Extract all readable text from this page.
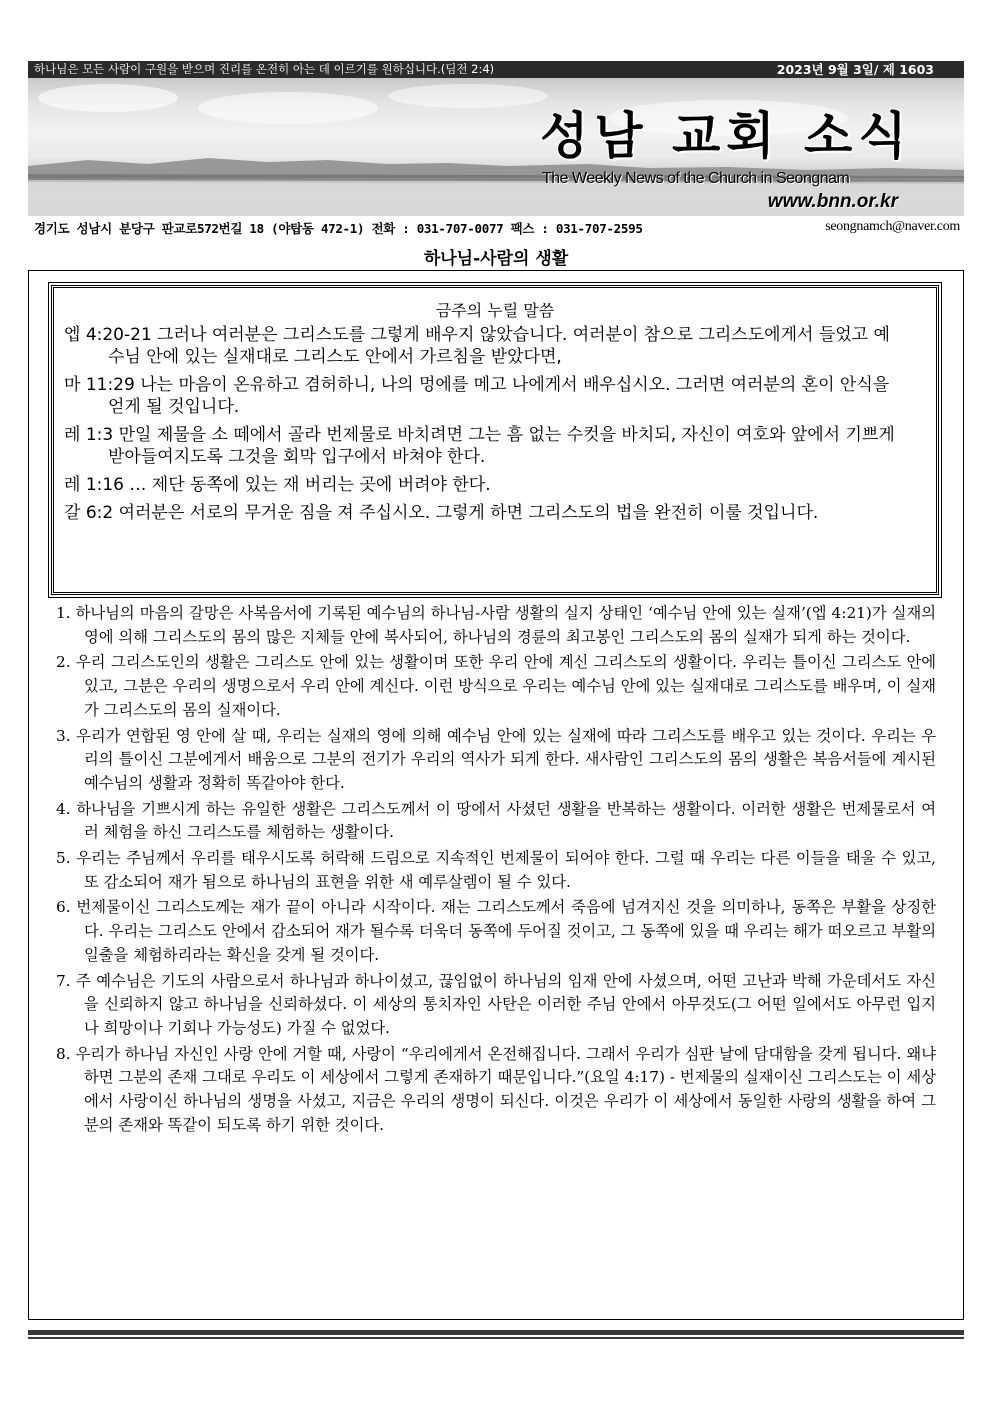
하나님은 모든 사람이 구원을 받으며 진리를 온전히 아는 데 이르기를 원하십니다.(딤전 2:4)	2023년 9월 3일/ 제 1603
성남 교회 소식
The Weekly News of the Church in Seongnam
www.bnn.or.kr
경기도 성남시 분당구 판교로572번길 18 (야탑동 472-1) 전화 : 031-707-0077 팩스 : 031-707-2595	seongnamch@naver.com
하나님-사람의 생활
금주의 누릴 말씀
엡 4:20-21 그러나 여러분은 그리스도를 그렇게 배우지 않았습니다. 여러분이 참으로 그리스도에게서 들었고 예수님 안에 있는 실재대로 그리스도 안에서 가르침을 받았다면,
마 11:29 나는 마음이 온유하고 겸허하니, 나의 멍에를 메고 나에게서 배우십시오. 그러면 여러분의 혼이 안식을 얻게 될 것입니다.
레 1:3 만일 제물을 소 떼에서 골라 번제물로 바치려면 그는 흠 없는 수컷을 바치되, 자신이 여호와 앞에서 기쁘게 받아들여지도록 그것을 회막 입구에서 바쳐야 한다.
레 1:16 … 제단 동쪽에 있는 재 버리는 곳에 버려야 한다.
갈 6:2 여러분은 서로의 무거운 짐을 져 주십시오. 그렇게 하면 그리스도의 법을 완전히 이룰 것입니다.
1. 하나님의 마음의 갈망은 사복음서에 기록된 예수님의 하나님-사람 생활의 실지 상태인 ‘예수님 안에 있는 실재’(엡 4:21)가 실재의 영에 의해 그리스도의 몸의 많은 지체들 안에 복사되어, 하나님의 경륜의 최고봉인 그리스도의 몸의 실재가 되게 하는 것이다.
2. 우리 그리스도인의 생활은 그리스도 안에 있는 생활이며 또한 우리 안에 계신 그리스도의 생활이다. 우리는 틀이신 그리스도 안에 있고, 그분은 우리의 생명으로서 우리 안에 계신다. 이런 방식으로 우리는 예수님 안에 있는 실재대로 그리스도를 배우며, 이 실재가 그리스도의 몸의 실재이다.
3. 우리가 연합된 영 안에 살 때, 우리는 실재의 영에 의해 예수님 안에 있는 실재에 따라 그리스도를 배우고 있는 것이다. 우리는 우리의 틀이신 그분에게서 배움으로 그분의 전기가 우리의 역사가 되게 한다. 새사람인 그리스도의 몸의 생활은 복음서들에 계시된 예수님의 생활과 정확히 똑같아야 한다.
4. 하나님을 기쁘시게 하는 유일한 생활은 그리스도께서 이 땅에서 사셨던 생활을 반복하는 생활이다. 이러한 생활은 번제물로서 여러 체험을 하신 그리스도를 체험하는 생활이다.
5. 우리는 주님께서 우리를 태우시도록 허락해 드림으로 지속적인 번제물이 되어야 한다. 그럴 때 우리는 다른 이들을 태울 수 있고, 또 감소되어 재가 됨으로 하나님의 표현을 위한 새 예루살렘이 될 수 있다.
6. 번제물이신 그리스도께는 재가 끝이 아니라 시작이다. 재는 그리스도께서 죽음에 넘겨지신 것을 의미하나, 동쪽은 부활을 상징한다. 우리는 그리스도 안에서 감소되어 재가 될수록 더욱더 동쪽에 두어질 것이고, 그 동쪽에 있을 때 우리는 해가 떠오르고 부활의 일출을 체험하리라는 확신을 갖게 될 것이다.
7. 주 예수님은 기도의 사람으로서 하나님과 하나이셨고, 끊임없이 하나님의 임재 안에 사셨으며, 어떤 고난과 박해 가운데서도 자신을 신뢰하지 않고 하나님을 신뢰하셨다. 이 세상의 통치자인 사탄은 이러한 주님 안에서 아무것도(그 어떤 일에서도 아무런 입지나 희망이나 기회나 가능성도) 가질 수 없었다.
8. 우리가 하나님 자신인 사랑 안에 거할 때, 사랑이 “우리에게서 온전해집니다. 그래서 우리가 심판 날에 담대함을 갖게 됩니다. 왜냐하면 그분의 존재 그대로 우리도 이 세상에서 그렇게 존재하기 때문입니다.”(요일 4:17) - 번제물의 실재이신 그리스도는 이 세상에서 사랑이신 하나님의 생명을 사셨고, 지금은 우리의 생명이 되신다. 이것은 우리가 이 세상에서 동일한 사랑의 생활을 하여 그분의 존재와 똑같이 되도록 하기 위한 것이다.
